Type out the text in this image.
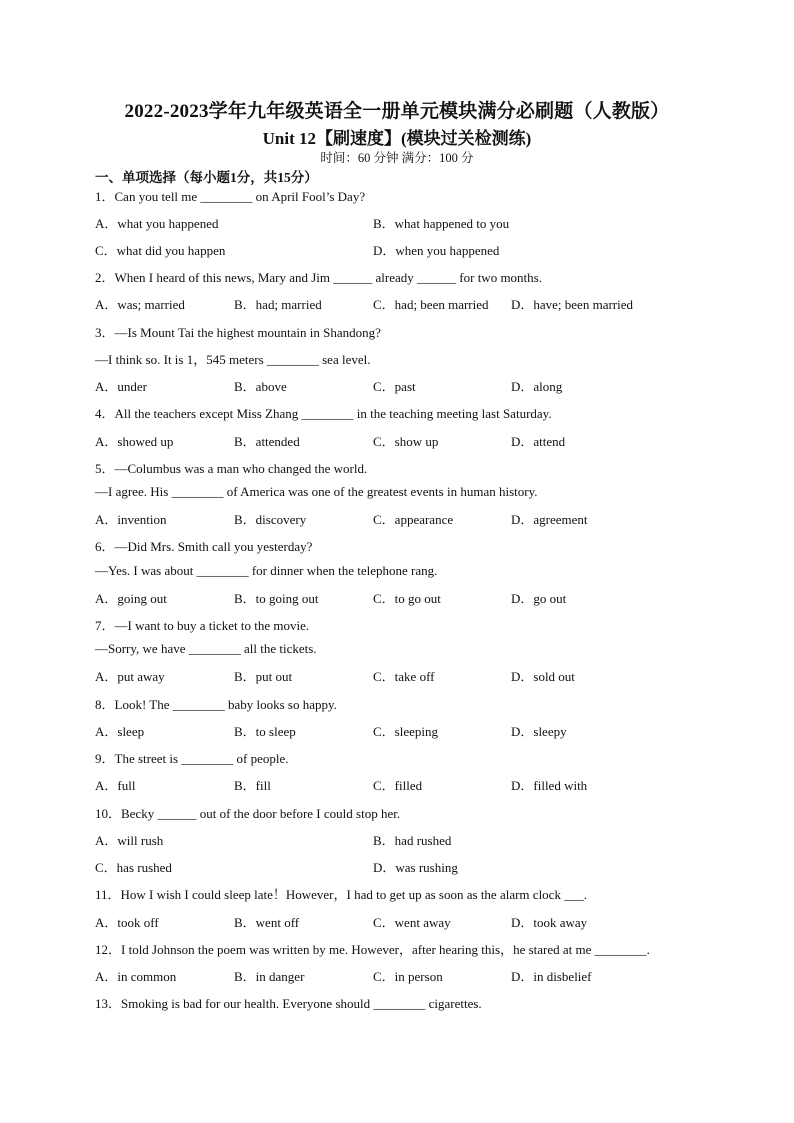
2022-2023学年九年级英语全一册单元模块满分必刷题（人教版）
Unit 12【刷速度】(模块过关检测练)
时间：60 分钟 满分：100 分
一、单项选择（每小题1分，共15分）
1．Can you tell me ________ on April Fool’s Day?
A．what you happened	B．what happened to you
C．what did you happen	D．when you happened
2．When I heard of this news, Mary and Jim ______ already ______ for two months.
A．was; married	B．had; married	C．had; been married D．have; been married
3．—Is Mount Tai the highest mountain in Shandong?
—I think so. It is 1，545 meters ________ sea level.
A．under	B．above	C．past	D．along
4．All the teachers except Miss Zhang ________ in the teaching meeting last Saturday.
A．showed up	B．attended	C．show up	D．attend
5．—Columbus was a man who changed the world.
—I agree. His ________ of America was one of the greatest events in human history.
A．invention	B．discovery	C．appearance	D．agreement
6．—Did Mrs. Smith call you yesterday?
—Yes. I was about ________ for dinner when the telephone rang.
A．going out	B．to going out	C．to go out	D．go out
7．—I want to buy a ticket to the movie.
—Sorry, we have ________ all the tickets.
A．put away	B．put out	C．take off	D．sold out
8．Look! The ________ baby looks so happy.
A．sleep	B．to sleep	C．sleeping	D．sleepy
9．The street is ________ of people.
A．full	B．fill	C．filled	D．filled with
10．Becky ______ out of the door before I could stop her.
A．will rush	B．had rushed
C．has rushed	D．was rushing
11．How I wish I could sleep late！However，I had to get up as soon as the alarm clock ___.
A．took off	B．went off	C．went away	D．took away
12．I told Johnson the poem was written by me. However，after hearing this，he stared at me ________.
A．in common	B．in danger	C．in person	D．in disbelief
13．Smoking is bad for our health. Everyone should ________ cigarettes.
